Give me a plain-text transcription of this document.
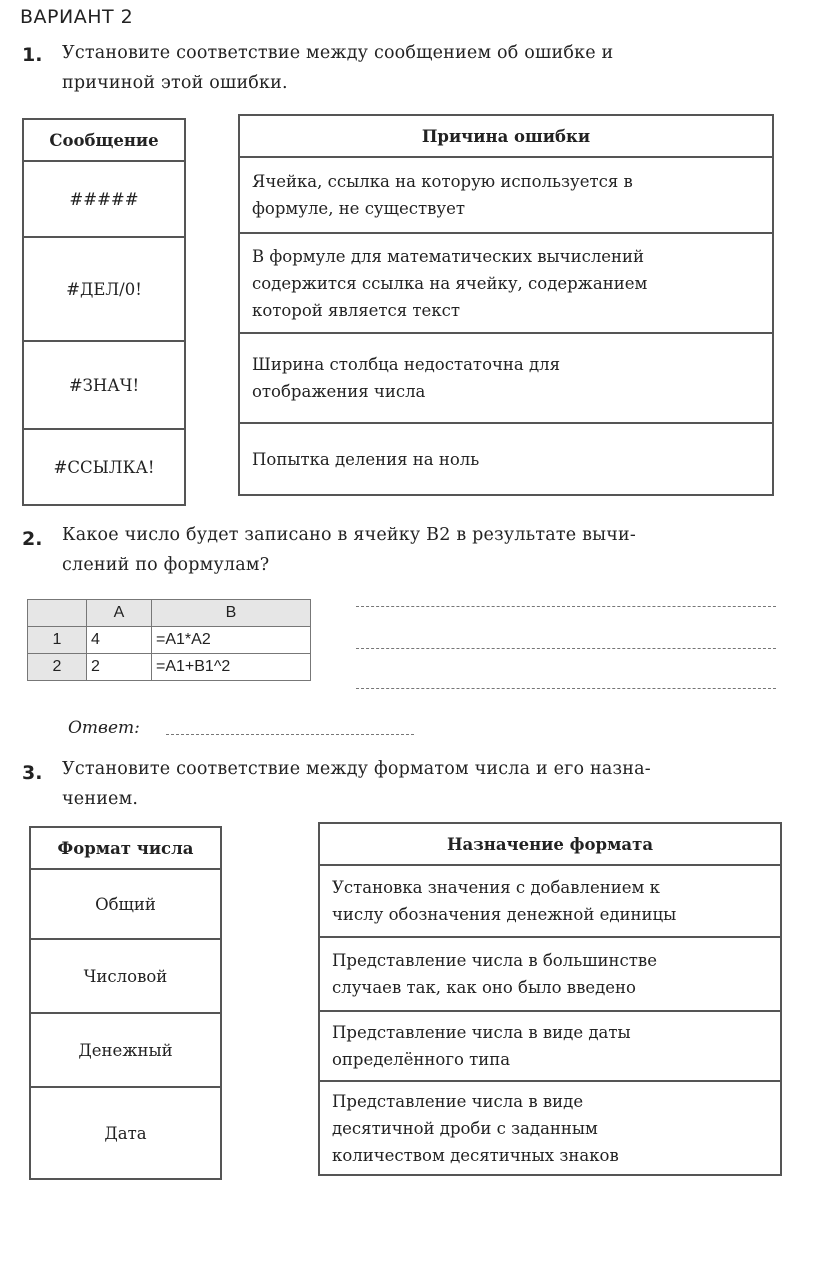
ВАРИАНТ 2
1. Установите соответствие между сообщением об ошибке и
причиной этой ошибки.
Сообщение
#####
#ДЕЛ/0!
#ЗНАЧ!
#ССЫЛКА!
Причина ошибки

Ячейка, ссылка на которую используется в
формуле, не существует

В формуле для математических вычислений
содержится ссылка на ячейку, содержанием
которой является текст

Ширина столбца недостаточна для
отображения числа

Попытка деления на ноль
2. Какое число будет записано в ячейку В2 в результате вычи-
слений по формулам?
	A	B
1	4	=A1*A2
2	2	=A1+B1^2
Ответ:
3. Установите соответствие между форматом числа и его назна-
чением.
Формат числа
Общий
Числовой
Денежный
Дата
Назначение формата

Установка значения с добавлением к
числу обозначения денежной единицы

Представление числа в большинстве
случаев так, как оно было введено

Представление числа в виде даты
определённого типа

Представление числа в виде
десятичной дроби с заданным
количеством десятичных знаков
